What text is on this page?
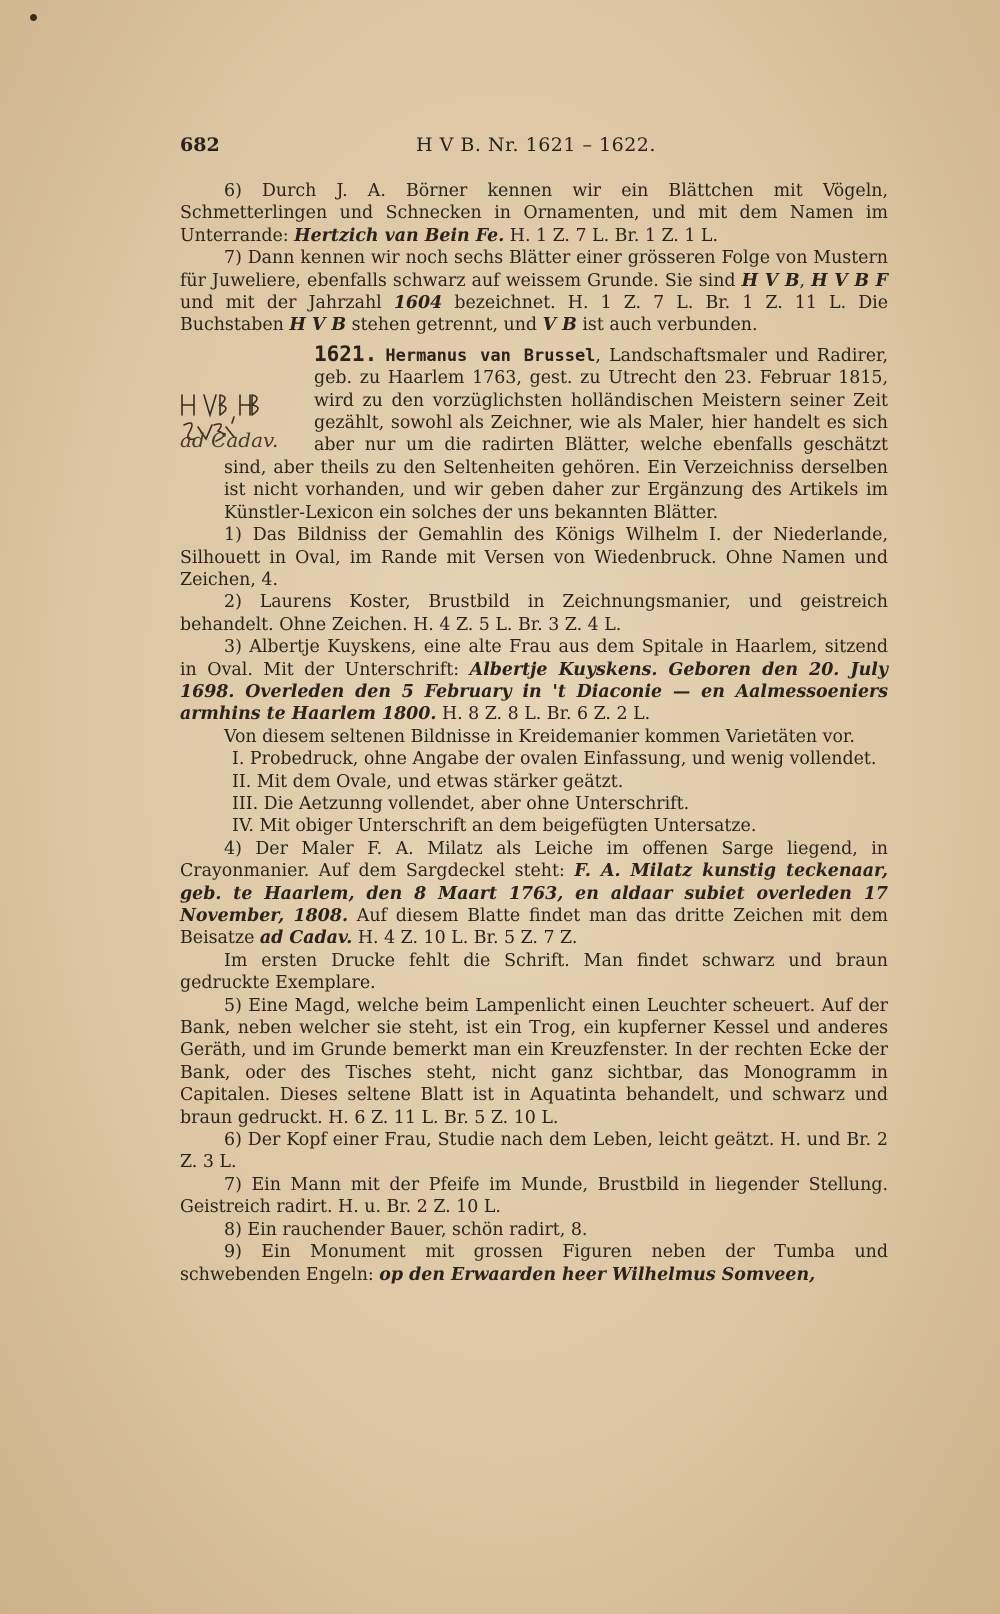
682	H V B. Nr. 1621 – 1622.

6) Durch J. A. Börner kennen wir ein Blättchen mit Vögeln, Schmetterlingen und Schnecken in Ornamenten, und mit dem Namen im Unterrande: Hertzich van Bein Fe. H. 1 Z. 7 L. Br. 1 Z. 1 L.

7) Dann kennen wir noch sechs Blätter einer grösseren Folge von Mustern für Juweliere, ebenfalls schwarz auf weissem Grunde. Sie sind H V B, H V B F und mit der Jahrzahl 1604 bezeichnet. H. 1 Z. 7 L. Br. 1 Z. 11 L. Die Buchstaben H V B stehen getrennt, und V B ist auch verbunden.

ad Cadav.

1621. Hermanus van Brussel, Landschaftsmaler und Radirer, geb. zu Haarlem 1763, gest. zu Utrecht den 23. Februar 1815, wird zu den vorzüglichsten holländischen Meistern seiner Zeit gezählt, sowohl als Zeichner, wie als Maler, hier handelt es sich aber nur um die radirten Blätter, welche ebenfalls geschätzt sind, aber theils zu den Seltenheiten gehören. Ein Verzeichniss derselben ist nicht vorhanden, und wir geben daher zur Ergänzung des Artikels im Künstler-Lexicon ein solches der uns bekannten Blätter.

1) Das Bildniss der Gemahlin des Königs Wilhelm I. der Niederlande, Silhouett in Oval, im Rande mit Versen von Wiedenbruck. Ohne Namen und Zeichen, 4.

2) Laurens Koster, Brustbild in Zeichnungsmanier, und geistreich behandelt. Ohne Zeichen. H. 4 Z. 5 L. Br. 3 Z. 4 L.

3) Albertje Kuyskens, eine alte Frau aus dem Spitale in Haarlem, sitzend in Oval. Mit der Unterschrift: Albertje Kuyskens. Geboren den 20. July 1698. Overleden den 5 February in 't Diaconie — en Aalmessoeniers armhins te Haarlem 1800. H. 8 Z. 8 L. Br. 6 Z. 2 L.

Von diesem seltenen Bildnisse in Kreidemanier kommen Varietäten vor.

I. Probedruck, ohne Angabe der ovalen Einfassung, und wenig vollendet.

II. Mit dem Ovale, und etwas stärker geätzt.

III. Die Aetzunng vollendet, aber ohne Unterschrift.

IV. Mit obiger Unterschrift an dem beigefügten Untersatze.

4) Der Maler F. A. Milatz als Leiche im offenen Sarge liegend, in Crayonmanier. Auf dem Sargdeckel steht: F. A. Milatz kunstig teckenaar, geb. te Haarlem, den 8 Maart 1763, en aldaar subiet overleden 17 November, 1808. Auf diesem Blatte findet man das dritte Zeichen mit dem Beisatze ad Cadav. H. 4 Z. 10 L. Br. 5 Z. 7 Z.

Im ersten Drucke fehlt die Schrift. Man findet schwarz und braun gedruckte Exemplare.

5) Eine Magd, welche beim Lampenlicht einen Leuchter scheuert. Auf der Bank, neben welcher sie steht, ist ein Trog, ein kupferner Kessel und anderes Geräth, und im Grunde bemerkt man ein Kreuzfenster. In der rechten Ecke der Bank, oder des Tisches steht, nicht ganz sichtbar, das Monogramm in Capitalen. Dieses seltene Blatt ist in Aquatinta behandelt, und schwarz und braun gedruckt. H. 6 Z. 11 L. Br. 5 Z. 10 L.

6) Der Kopf einer Frau, Studie nach dem Leben, leicht geätzt. H. und Br. 2 Z. 3 L.

7) Ein Mann mit der Pfeife im Munde, Brustbild in liegender Stellung. Geistreich radirt. H. u. Br. 2 Z. 10 L.

8) Ein rauchender Bauer, schön radirt, 8.

9) Ein Monument mit grossen Figuren neben der Tumba und schwebenden Engeln: op den Erwaarden heer Wilhelmus Somveen,
